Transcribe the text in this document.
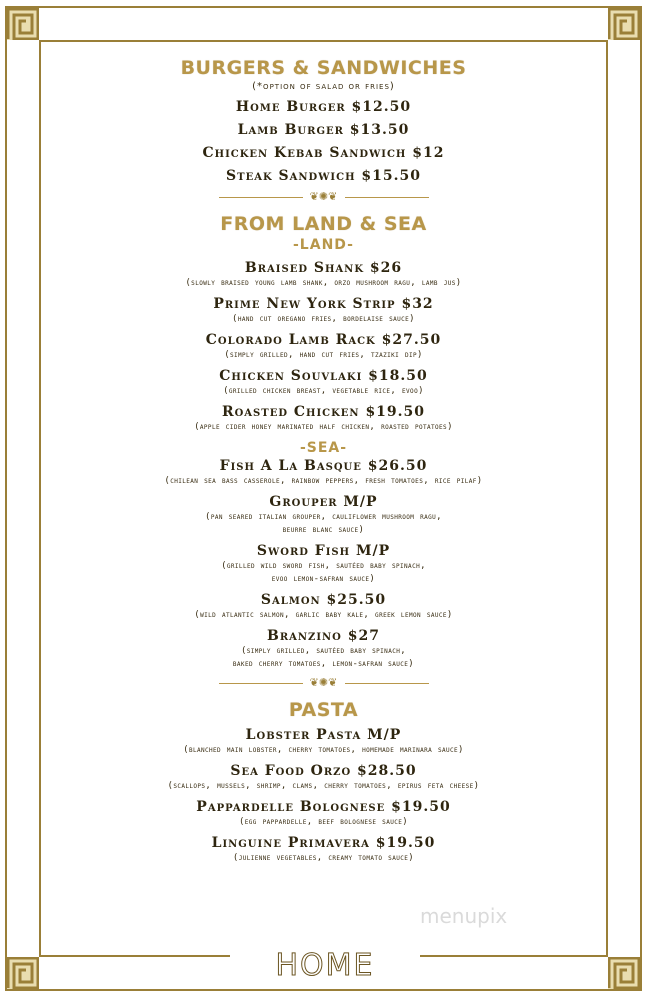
BURGERS & SANDWICHES

(*option of salad or fries)

Home Burger $12.50

Lamb Burger $13.50

Chicken Kebab Sandwich $12

Steak Sandwich $15.50

❦✺❦
FROM LAND & SEA

-LAND-

Braised Shank $26

(slowly braised young lamb shank, orzo mushroom ragu, lamb jus)

Prime New York Strip $32

(hand cut oregano fries, bordelaise sauce)

Colorado Lamb Rack $27.50

(simply grilled, hand cut fries, tzaziki dip)

Chicken Souvlaki $18.50

(grilled chicken breast, vegetable rice, evoo)

Roasted Chicken $19.50

(apple cider honey marinated half chicken, roasted potatoes)

-SEA-

Fish A La Basque $26.50

(chilean sea bass casserole, rainbow peppers, fresh tomatoes, rice pilaf)

Grouper M/P

(pan seared italian grouper, cauliflower mushroom ragu,

beurre blanc sauce)

Sword Fish M/P

(grilled wild sword fish, sautéed baby spinach,

evoo lemon-safran sauce)

Salmon $25.50

(wild atlantic salmon, garlic baby kale, greek lemon sauce)

Branzino $27

(simply grilled, sautéed baby spinach,

baked cherry tomatoes, lemon-safran sauce)

❦✺❦
PASTA

Lobster Pasta M/P

(blanched main lobster, cherry tomatoes, homemade marinara sauce)

Sea Food Orzo $28.50

(scallops, mussels, shrimp, clams, cherry tomatoes, epirus feta cheese)

Pappardelle Bolognese $19.50

(egg pappardelle, beef bolognese sauce)

Linguine Primavera $19.50

(julienne vegetables, creamy tomato sauce)

menupix
HOME
